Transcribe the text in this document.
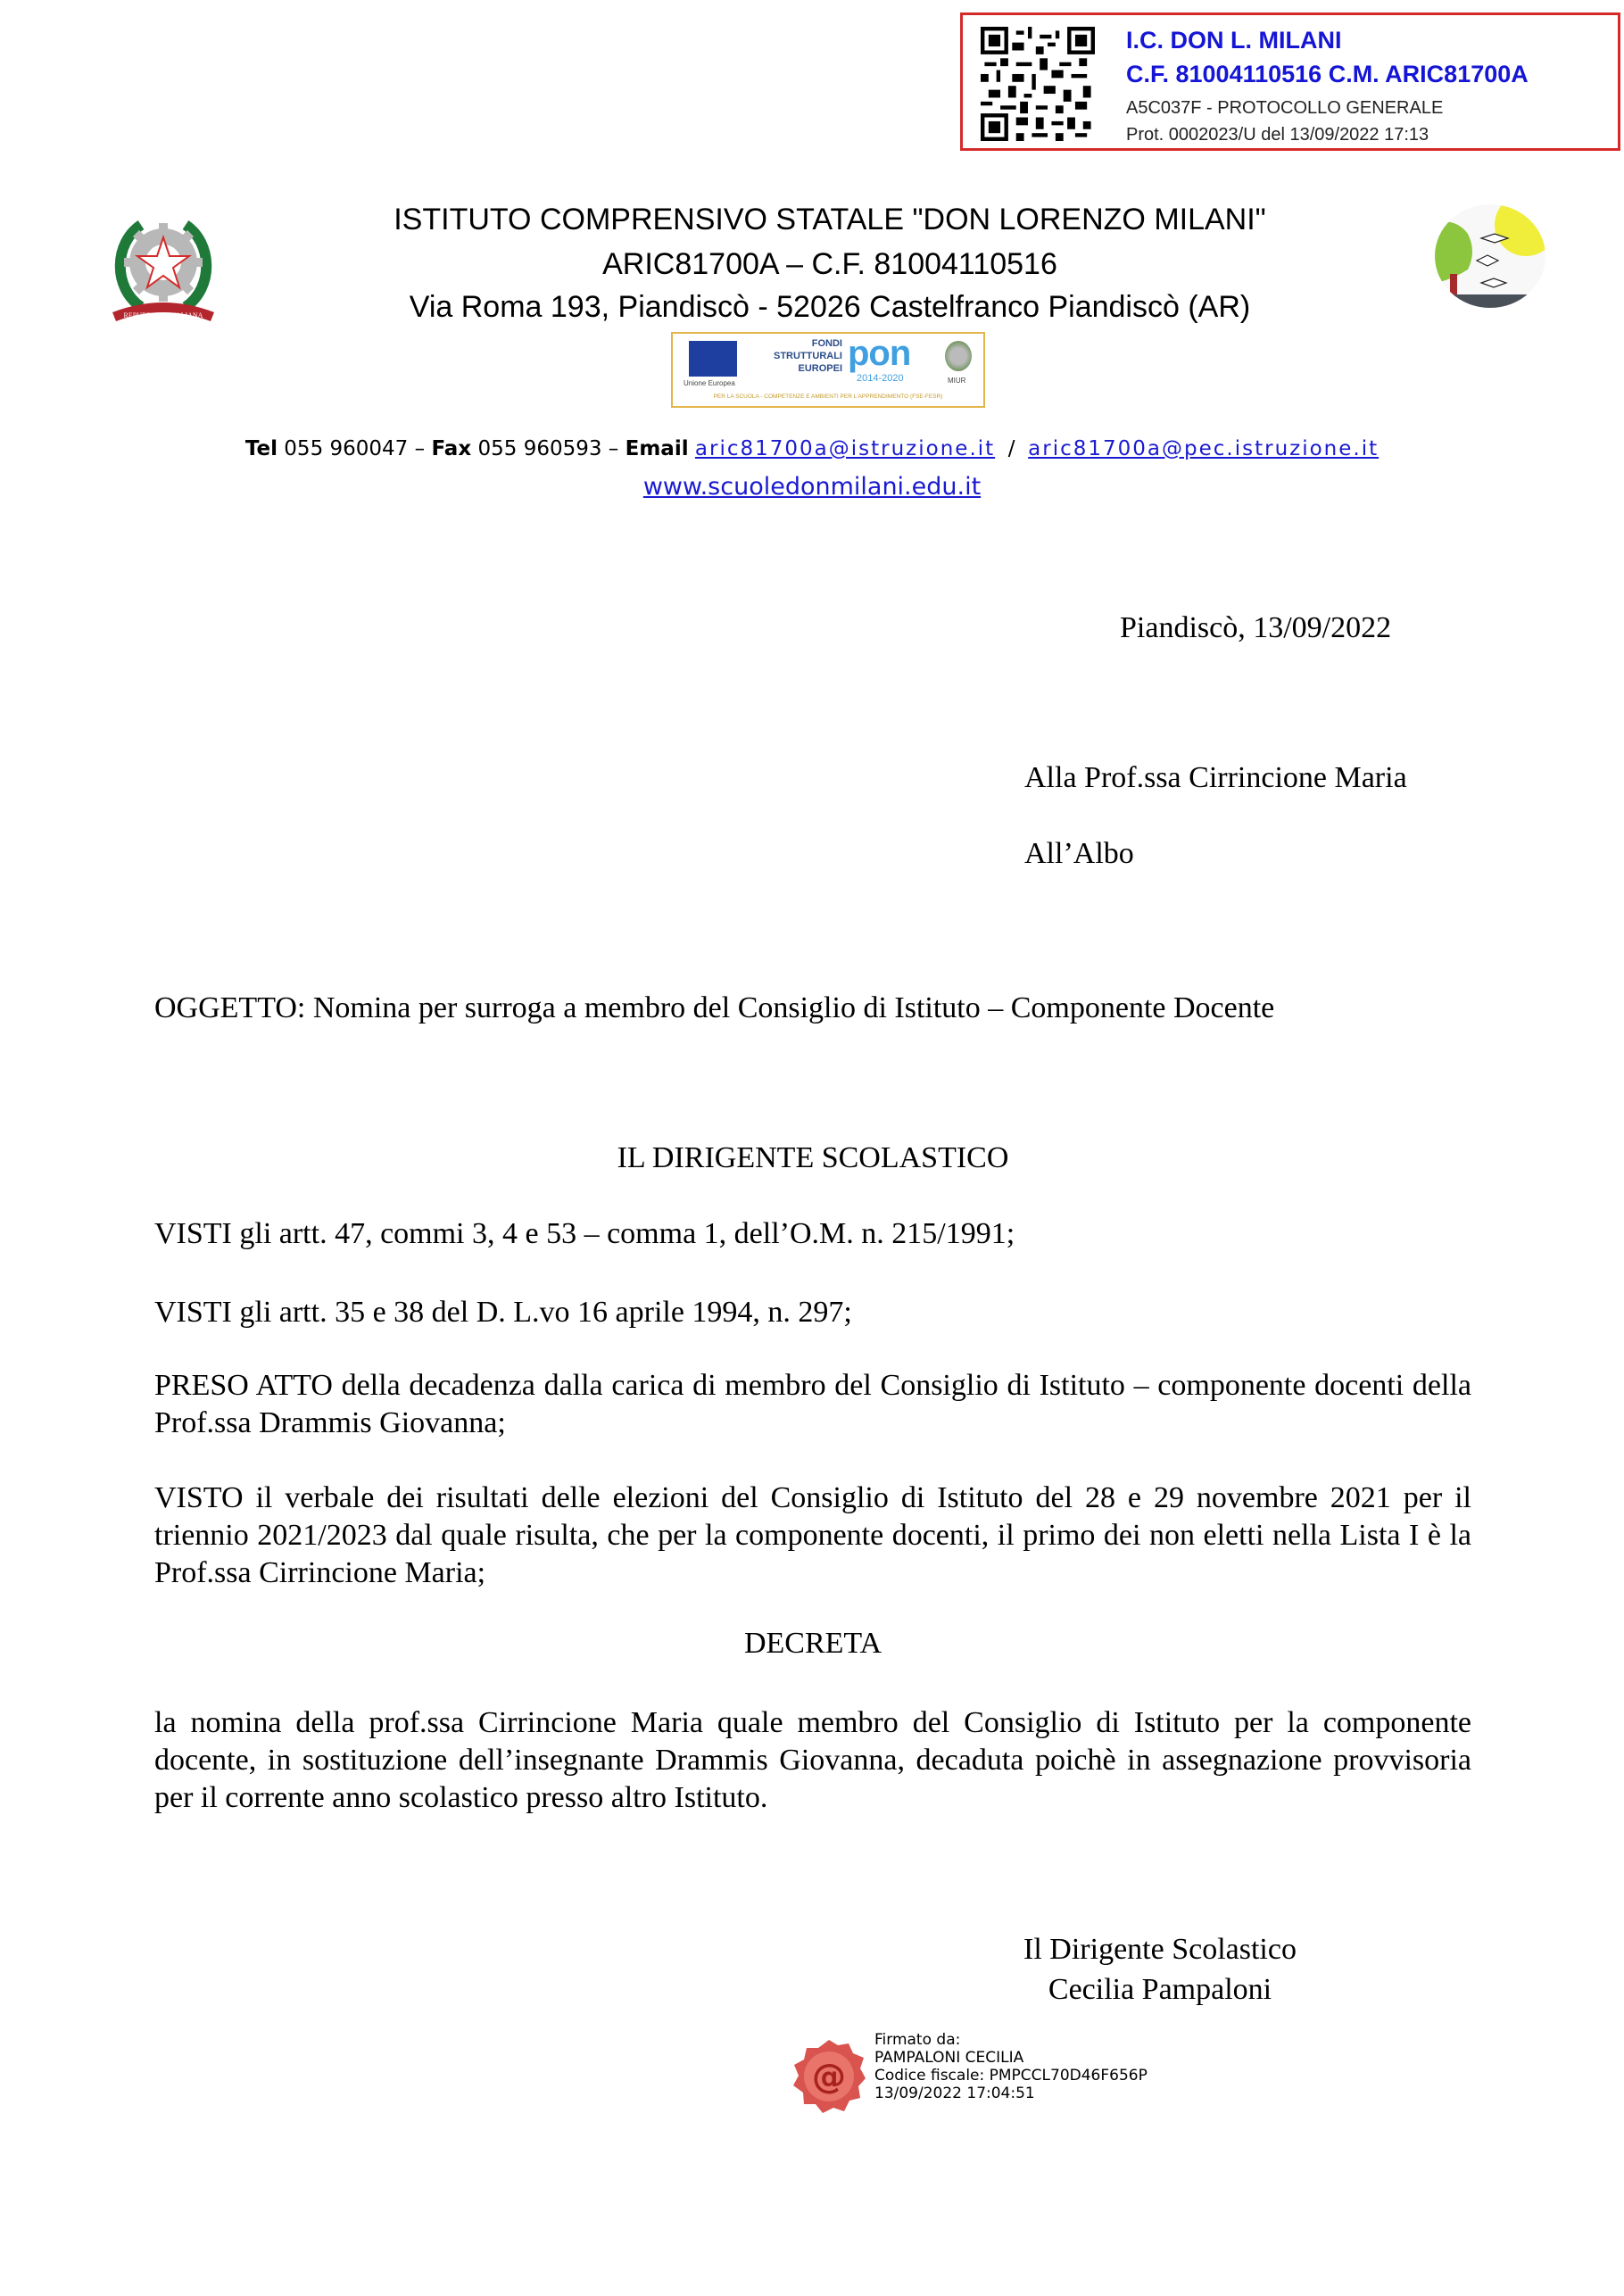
I.C. DON L. MILANI
C.F. 81004110516 C.M. ARIC81700A
A5C037F - PROTOCOLLO GENERALE
Prot. 0002023/U del 13/09/2022 17:13
REPUBBLICA ITALIANA
ISTITUTO COMPRENSIVO STATALE "DON LORENZO MILANI"
ARIC81700A – C.F. 81004110516
Via Roma 193, Piandiscò - 52026 Castelfranco Piandiscò (AR)
Unione Europea
FONDI
STRUTTURALI
EUROPEI pon
2014-2020	MIUR
PER LA SCUOLA - COMPETENZE E AMBIENTI PER L'APPRENDIMENTO (FSE-FESR)
Tel 055 960047 – Fax 055 960593 – Email aric81700a@istruzione.it / aric81700a@pec.istruzione.it
www.scuoledonmilani.edu.it
Piandiscò, 13/09/2022
Alla Prof.ssa Cirrincione Maria
All’Albo
OGGETTO: Nomina per surroga a membro del Consiglio di Istituto – Componente Docente
IL DIRIGENTE SCOLASTICO
VISTI gli artt. 47, commi 3, 4 e 53 – comma 1, dell’O.M. n. 215/1991;
VISTI gli artt. 35 e 38 del D. L.vo 16 aprile 1994, n. 297;
PRESO ATTO della decadenza dalla carica di membro del Consiglio di Istituto – componente docenti della Prof.ssa Drammis Giovanna;
VISTO il verbale dei risultati delle elezioni del Consiglio di Istituto del 28 e 29 novembre 2021 per il triennio 2021/2023 dal quale risulta, che per la componente docenti, il primo dei non eletti nella Lista I è la Prof.ssa Cirrincione Maria;
DECRETA
la nomina della prof.ssa Cirrincione Maria quale membro del Consiglio di Istituto per la componente docente, in sostituzione dell’insegnante Drammis Giovanna, decaduta poichè in assegnazione provvisoria per il corrente anno scolastico presso altro Istituto.
Il Dirigente Scolastico
Cecilia Pampaloni
@
Firmato da:
PAMPALONI CECILIA
Codice fiscale: PMPCCL70D46F656P
13/09/2022 17:04:51
